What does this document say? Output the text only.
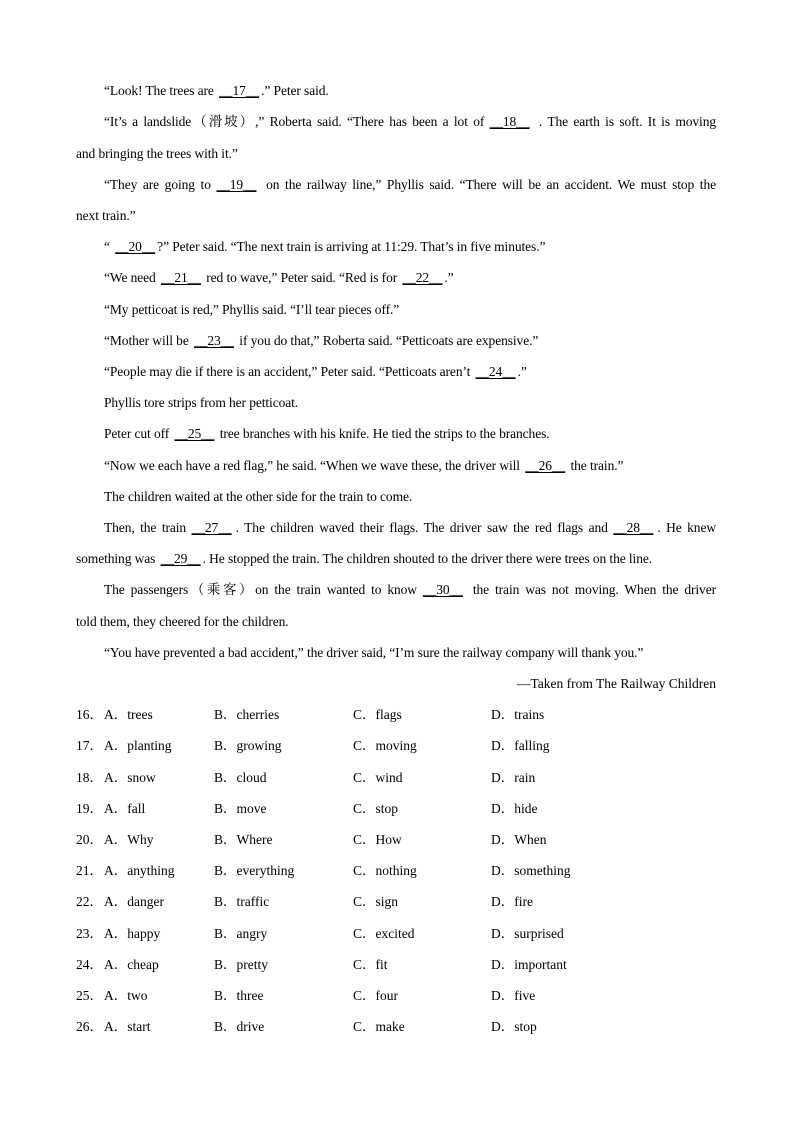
“Look! The trees are __17__ .” Peter said.
“It’s a landslide（滑坡）,” Roberta said. “There has been a lot of __18__ . The earth is soft. It is moving
and bringing the trees with it.”
“They are going to __19__ on the railway line,” Phyllis said. “There will be an accident. We must stop the
next train.”
“ __20__ ?” Peter said. “The next train is arriving at 11:29. That’s in five minutes.”
“We need __21__ red to wave,” Peter said. “Red is for __22__ .”
“My petticoat is red,” Phyllis said. “I’ll tear pieces off.”
“Mother will be __23__ if you do that,” Roberta said. “Petticoats are expensive.”
“People may die if there is an accident,” Peter said. “Petticoats aren’t __24__ .”
Phyllis tore strips from her petticoat.
Peter cut off __25__ tree branches with his knife. He tied the strips to the branches.
“Now we each have a red flag,” he said. “When we wave these, the driver will __26__ the train.”
The children waited at the other side for the train to come.
Then, the train __27__ . The children waved their flags. The driver saw the red flags and __28__ . He knew
something was __29__ . He stopped the train. The children shouted to the driver there were trees on the line.
The passengers（乘客）on the train wanted to know __30__ the train was not moving. When the driver
told them, they cheered for the children.
“You have prevented a bad accident,” the driver said, “I’m sure the railway company will thank you.”
—Taken from The Railway Children
16． A．trees	B．cherries	C．flags	D．trains
17． A．planting	B．growing	C．moving	D．falling
18． A．snow	B．cloud	C．wind	D．rain
19． A．fall	B．move	C．stop	D．hide
20． A．Why	B．Where	C．How	D．When
21． A．anything	B．everything	C．nothing	D．something
22． A．danger	B．traffic	C．sign	D．fire
23． A．happy	B．angry	C．excited	D．surprised
24． A．cheap	B．pretty	C．fit	D．important
25． A．two	B．three	C．four	D．five
26． A．start	B．drive	C．make	D．stop
